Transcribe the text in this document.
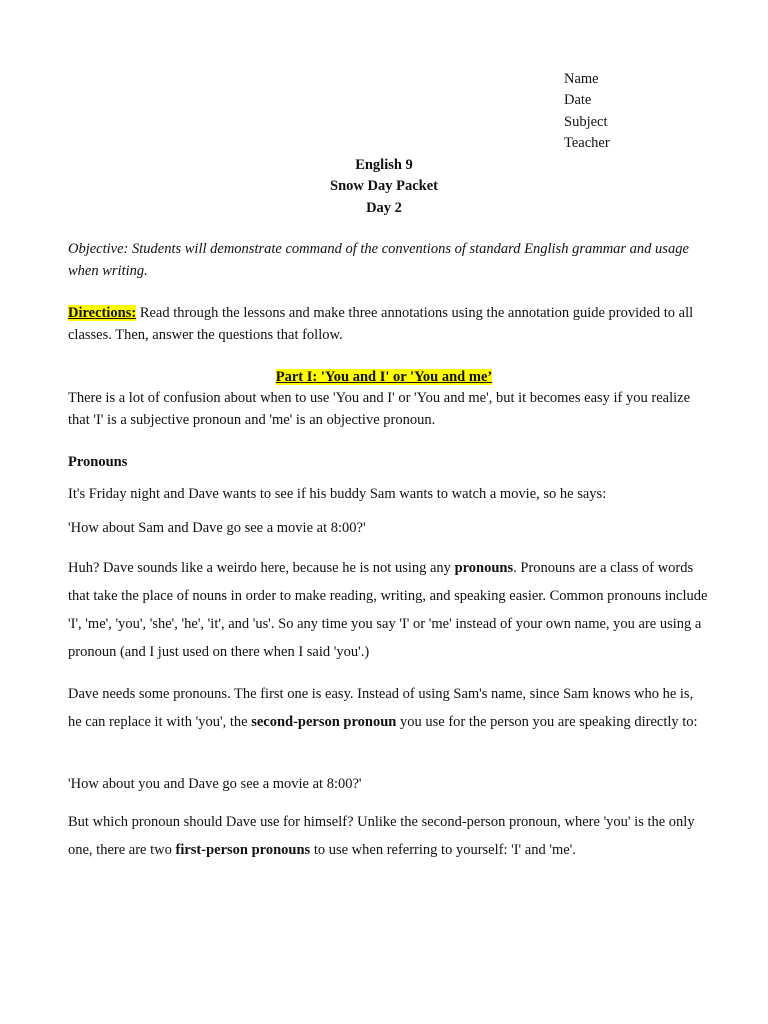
Name
Date
Subject
Teacher
English 9
Snow Day Packet
Day 2

Objective: Students will demonstrate command of the conventions of standard English grammar and usage when writing.

Directions: Read through the lessons and make three annotations using the annotation guide provided to all classes. Then, answer the questions that follow.

Part I: 'You and I' or 'You and me’

There is a lot of confusion about when to use 'You and I' or 'You and me', but it becomes easy if you realize that 'I' is a subjective pronoun and 'me' is an objective pronoun.

Pronouns

It's Friday night and Dave wants to see if his buddy Sam wants to watch a movie, so he says:

'How about Sam and Dave go see a movie at 8:00?'

Huh? Dave sounds like a weirdo here, because he is not using any pronouns. Pronouns are a class of words that take the place of nouns in order to make reading, writing, and speaking easier. Common pronouns include 'I', 'me', 'you', 'she', 'he', 'it', and 'us'. So any time you say 'I' or 'me' instead of your own name, you are using a pronoun (and I just used on there when I said 'you'.)

Dave needs some pronouns. The first one is easy. Instead of using Sam's name, since Sam knows who he is, he can replace it with 'you', the second-person pronoun you use for the person you are speaking directly to:

'How about you and Dave go see a movie at 8:00?'

But which pronoun should Dave use for himself? Unlike the second-person pronoun, where 'you' is the only one, there are two first-person pronouns to use when referring to yourself: 'I' and 'me'.
